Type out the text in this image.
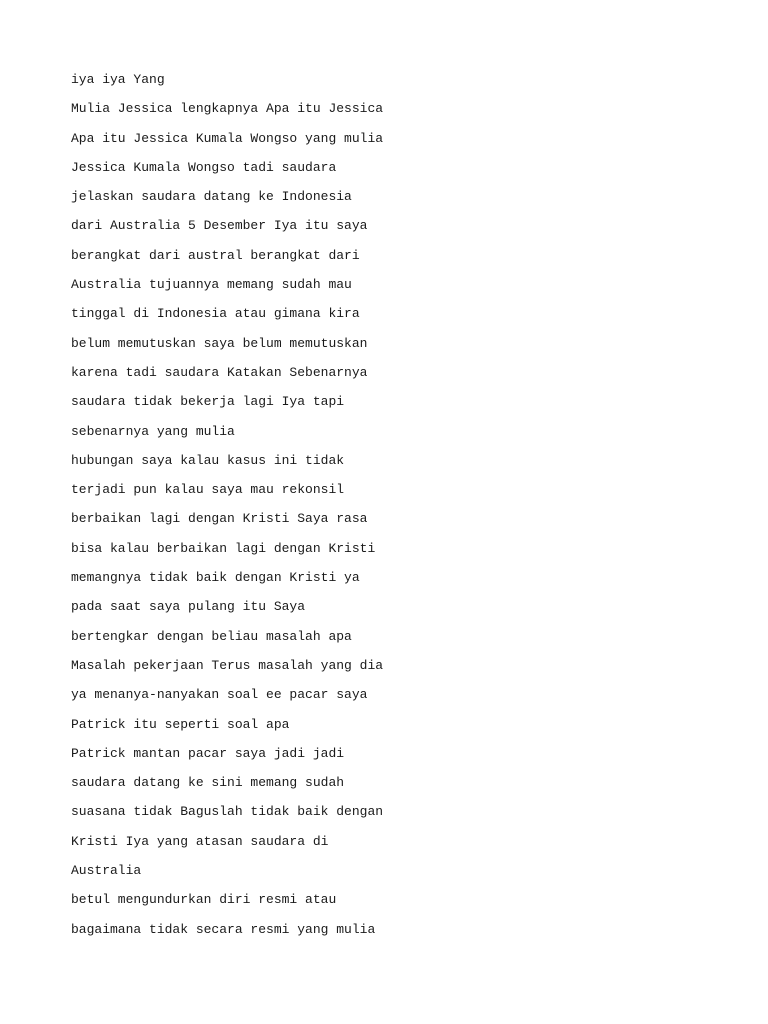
iya iya Yang
Mulia Jessica lengkapnya Apa itu Jessica
Apa itu Jessica Kumala Wongso yang mulia
Jessica Kumala Wongso tadi saudara
jelaskan saudara datang ke Indonesia
dari Australia 5 Desember Iya itu saya
berangkat dari austral berangkat dari
Australia tujuannya memang sudah mau
tinggal di Indonesia atau gimana kira
belum memutuskan saya belum memutuskan
karena tadi saudara Katakan Sebenarnya
saudara tidak bekerja lagi Iya tapi
sebenarnya yang mulia
hubungan saya kalau kasus ini tidak
terjadi pun kalau saya mau rekonsil
berbaikan lagi dengan Kristi Saya rasa
bisa kalau berbaikan lagi dengan Kristi
memangnya tidak baik dengan Kristi ya
pada saat saya pulang itu Saya
bertengkar dengan beliau masalah apa
Masalah pekerjaan Terus masalah yang dia
ya menanya-nanyakan soal ee pacar saya
Patrick itu seperti soal apa
Patrick mantan pacar saya jadi jadi
saudara datang ke sini memang sudah
suasana tidak Baguslah tidak baik dengan
Kristi Iya yang atasan saudara di
Australia
betul mengundurkan diri resmi atau
bagaimana tidak secara resmi yang mulia
